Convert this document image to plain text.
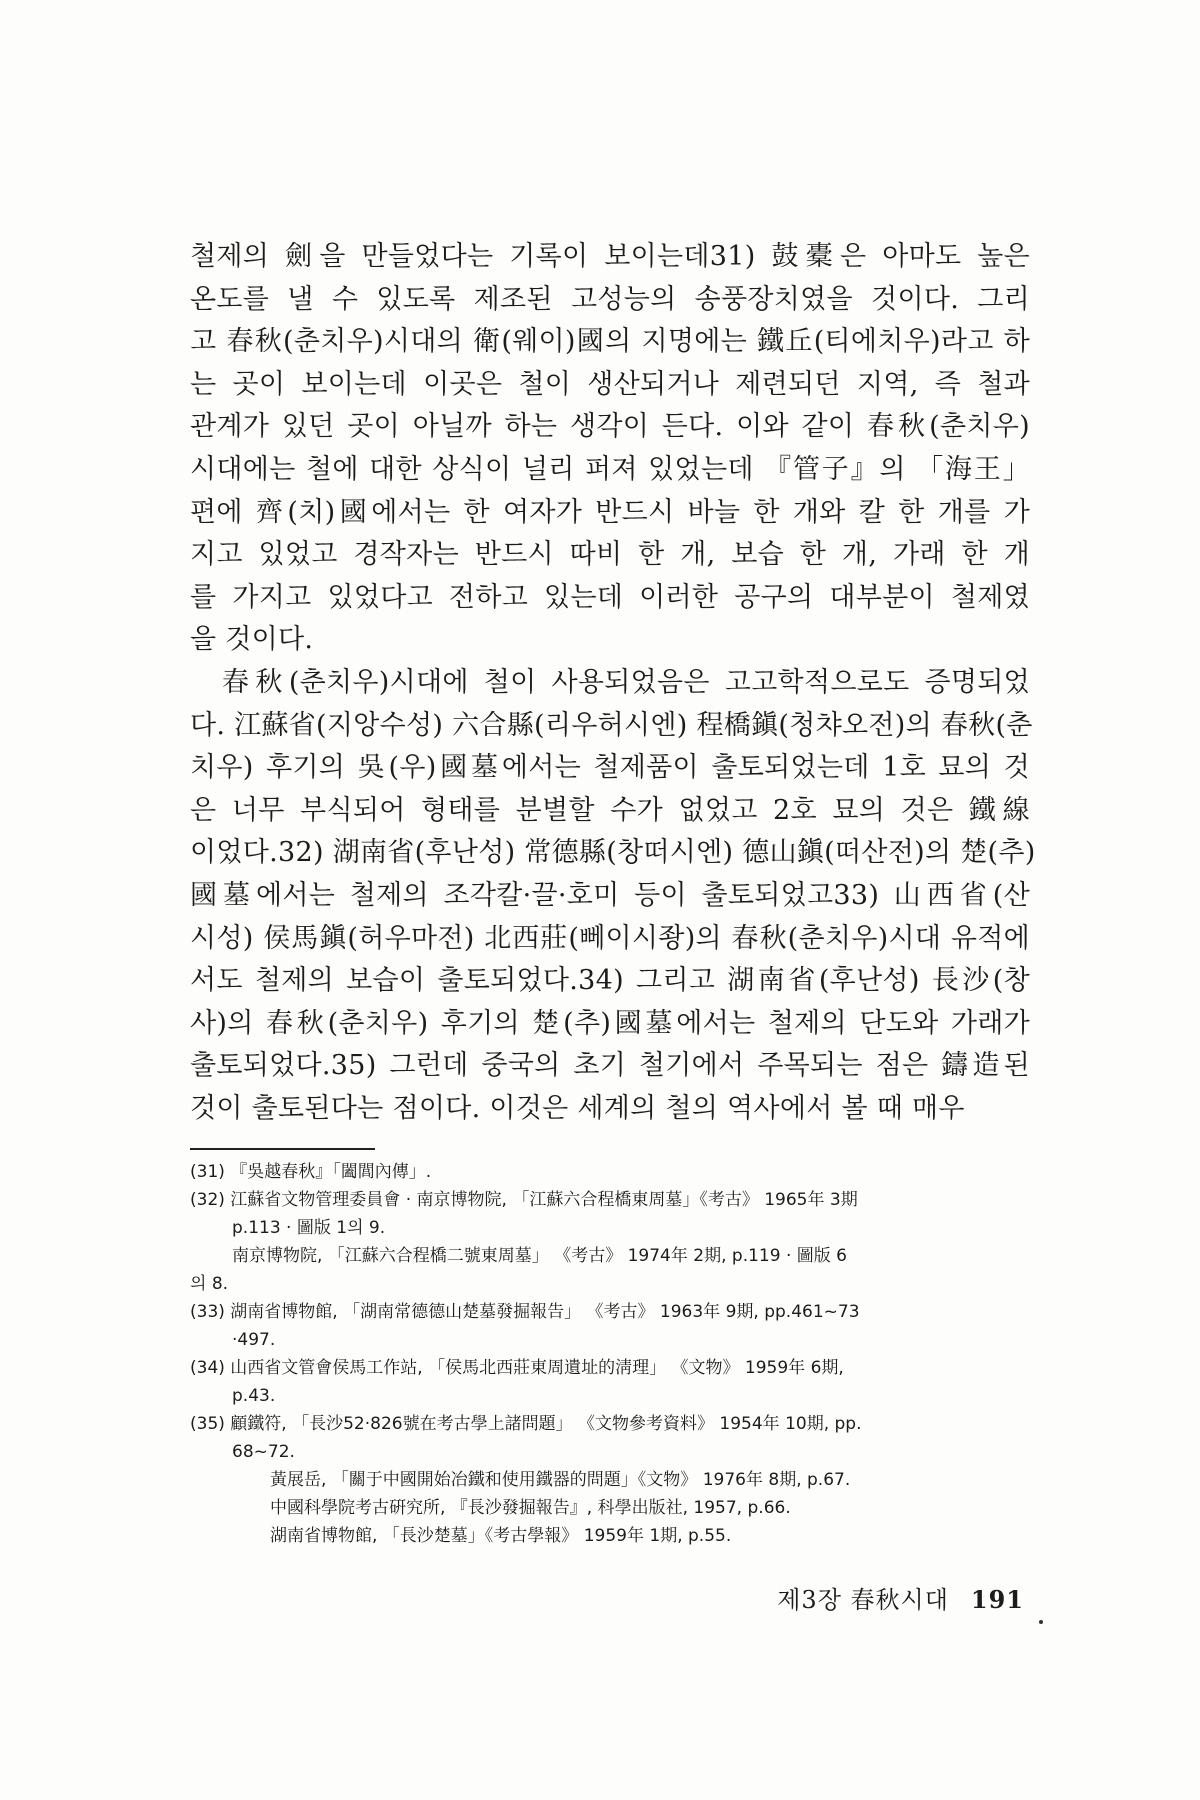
철제의 劍을 만들었다는 기록이 보이는데31) 鼓橐은 아마도 높은
온도를 낼 수 있도록 제조된 고성능의 송풍장치였을 것이다. 그리
고 春秋(춘치우)시대의 衛(웨이)國의 지명에는 鐵丘(티에치우)라고 하
는 곳이 보이는데 이곳은 철이 생산되거나 제련되던 지역, 즉 철과
관계가 있던 곳이 아닐까 하는 생각이 든다. 이와 같이 春秋(춘치우)
시대에는 철에 대한 상식이 널리 퍼져 있었는데 『管子』의 「海王」
편에 齊(치)國에서는 한 여자가 반드시 바늘 한 개와 칼 한 개를 가
지고 있었고 경작자는 반드시 따비 한 개, 보습 한 개, 가래 한 개
를 가지고 있었다고 전하고 있는데 이러한 공구의 대부분이 철제였
을 것이다.
春秋(춘치우)시대에 철이 사용되었음은 고고학적으로도 증명되었
다. 江蘇省(지앙수성) 六合縣(리우허시엔) 程橋鎭(청챠오전)의 春秋(춘
치우) 후기의 吳(우)國墓에서는 철제품이 출토되었는데 1호 묘의 것
은 너무 부식되어 형태를 분별할 수가 없었고 2호 묘의 것은 鐵線
이었다.32) 湖南省(후난성) 常德縣(창떠시엔) 德山鎭(떠산전)의 楚(추)
國墓에서는 철제의 조각칼·끌·호미 등이 출토되었고33) 山西省(산
시성) 侯馬鎭(허우마전) 北西莊(뻬이시좡)의 春秋(춘치우)시대 유적에
서도 철제의 보습이 출토되었다.34) 그리고 湖南省(후난성) 長沙(창
사)의 春秋(춘치우) 후기의 楚(추)國墓에서는 철제의 단도와 가래가
출토되었다.35) 그런데 중국의 초기 철기에서 주목되는 점은 鑄造된
것이 출토된다는 점이다. 이것은 세계의 철의 역사에서 볼 때 매우
(31) 『吳越春秋』「闔閭內傳」.
(32) 江蘇省文物管理委員會 · 南京博物院, 「江蘇六合程橋東周墓」《考古》 1965年 3期
p.113 · 圖版 1의 9.
南京博物院, 「江蘇六合程橋二號東周墓」 《考古》 1974年 2期, p.119 · 圖版 6
의 8.
(33) 湖南省博物館, 「湖南常德德山楚墓發掘報告」 《考古》 1963年 9期, pp.461~73
·497.
(34) 山西省文管會侯馬工作站, 「侯馬北西莊東周遺址的淸理」 《文物》 1959年 6期,
p.43.
(35) 顧鐵符, 「長沙52·826號在考古學上諸問題」 《文物參考資料》 1954年 10期, pp.
68~72.
黃展岳, 「關于中國開始冶鐵和使用鐵器的問題」《文物》 1976年 8期, p.67.
中國科學院考古硏究所, 『長沙發掘報告』, 科學出版社, 1957, p.66.
湖南省博物館, 「長沙楚墓」《考古學報》 1959年 1期, p.55.
제3장 春秋시대 191
